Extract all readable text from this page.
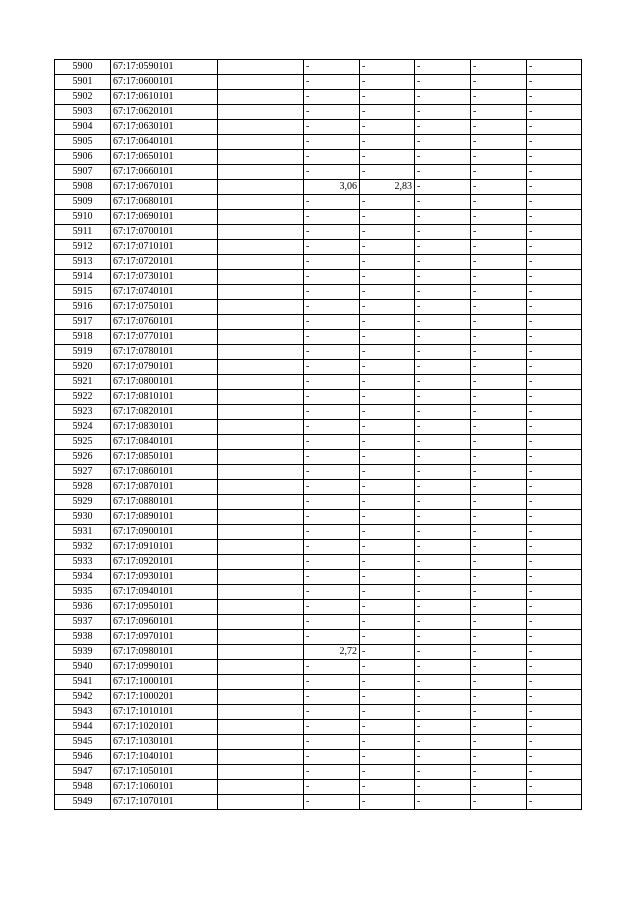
5900	67:17:0590101		-	-	-	-	-
5901	67:17:0600101		-	-	-	-	-
5902	67:17:0610101		-	-	-	-	-
5903	67:17:0620101		-	-	-	-	-
5904	67:17:0630101		-	-	-	-	-
5905	67:17:0640101		-	-	-	-	-
5906	67:17:0650101		-	-	-	-	-
5907	67:17:0660101		-	-	-	-	-
5908	67:17:0670101		3,06	2,83	-	-	-
5909	67:17:0680101		-	-	-	-	-
5910	67:17:0690101		-	-	-	-	-
5911	67:17:0700101		-	-	-	-	-
5912	67:17:0710101		-	-	-	-	-
5913	67:17:0720101		-	-	-	-	-
5914	67:17:0730101		-	-	-	-	-
5915	67:17:0740101		-	-	-	-	-
5916	67:17:0750101		-	-	-	-	-
5917	67:17:0760101		-	-	-	-	-
5918	67:17:0770101		-	-	-	-	-
5919	67:17:0780101		-	-	-	-	-
5920	67:17:0790101		-	-	-	-	-
5921	67:17:0800101		-	-	-	-	-
5922	67:17:0810101		-	-	-	-	-
5923	67:17:0820101		-	-	-	-	-
5924	67:17:0830101		-	-	-	-	-
5925	67:17:0840101		-	-	-	-	-
5926	67:17:0850101		-	-	-	-	-
5927	67:17:0860101		-	-	-	-	-
5928	67:17:0870101		-	-	-	-	-
5929	67:17:0880101		-	-	-	-	-
5930	67:17:0890101		-	-	-	-	-
5931	67:17:0900101		-	-	-	-	-
5932	67:17:0910101		-	-	-	-	-
5933	67:17:0920101		-	-	-	-	-
5934	67:17:0930101		-	-	-	-	-
5935	67:17:0940101		-	-	-	-	-
5936	67:17:0950101		-	-	-	-	-
5937	67:17:0960101		-	-	-	-	-
5938	67:17:0970101		-	-	-	-	-
5939	67:17:0980101		2,72	-	-	-	-
5940	67:17:0990101		-	-	-	-	-
5941	67:17:1000101		-	-	-	-	-
5942	67:17:1000201		-	-	-	-	-
5943	67:17:1010101		-	-	-	-	-
5944	67:17:1020101		-	-	-	-	-
5945	67:17:1030101		-	-	-	-	-
5946	67:17:1040101		-	-	-	-	-
5947	67:17:1050101		-	-	-	-	-
5948	67:17:1060101		-	-	-	-	-
5949	67:17:1070101		-	-	-	-	-
